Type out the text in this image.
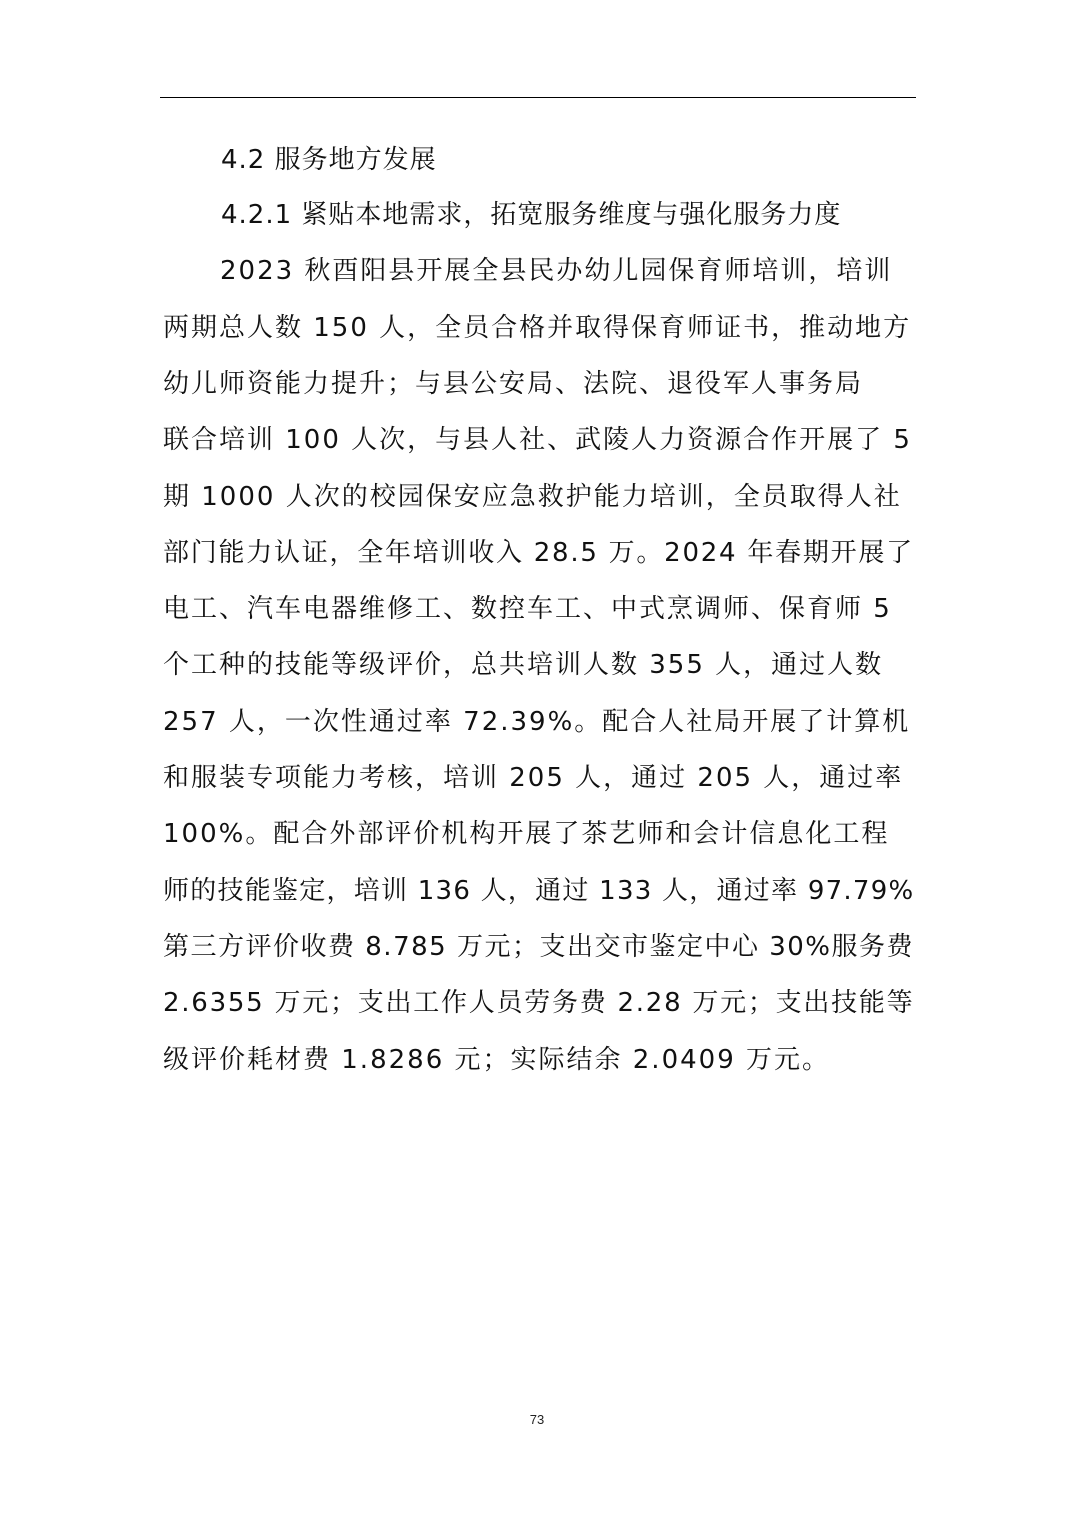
4.2 服务地方发展
4.2.1 紧贴本地需求，拓宽服务维度与强化服务力度
2023 秋酉阳县开展全县民办幼儿园保育师培训，培训
两期总人数 150 人，全员合格并取得保育师证书，推动地方
幼儿师资能力提升；与县公安局、法院、退役军人事务局
联合培训 100 人次，与县人社、武陵人力资源合作开展了 5
期 1000 人次的校园保安应急救护能力培训，全员取得人社
部门能力认证，全年培训收入 28.5 万。2024 年春期开展了
电工、汽车电器维修工、数控车工、中式烹调师、保育师 5
个工种的技能等级评价，总共培训人数 355 人，通过人数
257 人，一次性通过率 72.39%。配合人社局开展了计算机
和服装专项能力考核，培训 205 人，通过 205 人，通过率
100%。配合外部评价机构开展了茶艺师和会计信息化工程
师的技能鉴定，培训 136 人，通过 133 人，通过率 97.79%
第三方评价收费 8.785 万元；支出交市鉴定中心 30%服务费
2.6355 万元；支出工作人员劳务费 2.28 万元；支出技能等
级评价耗材费 1.8286 元；实际结余 2.0409 万元。
73
